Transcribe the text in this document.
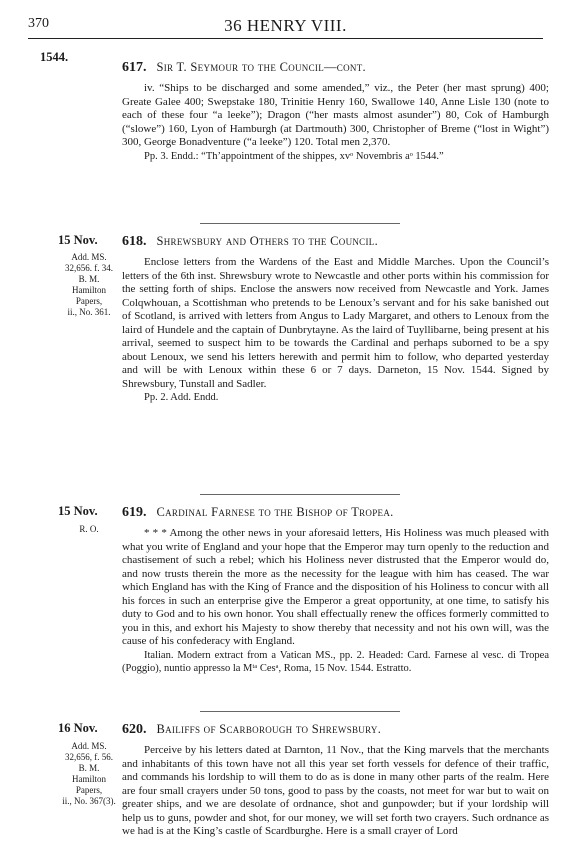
370	36 HENRY VIII.
1544.
617. Sir T. Seymour to the Council—cont.

iv. “Ships to be discharged and some amended,” viz., the Peter (her mast sprung) 400; Greate Galee 400; Swepstake 180, Trinitie Henry 160, Swallowe 140, Anne Lisle 130 (note to each of these four “a leeke”); Dragon (“her masts almost asunder”) 80, Cok of Hamburgh (“slowe”) 160, Lyon of Hamburgh (at Dartmouth) 300, Christopher of Breme (“lost in Wight”) 300, George Bonadventure (“a leeke”) 120. Total men 2,370.

Pp. 3. Endd.: “Th’appointment of the shippes, xvᵒ Novembris aᵒ 1544.”

15 Nov.
Add. MS.
32,656. f. 34.
B. M.
Hamilton
Papers,
ii., No. 361.
618. Shrewsbury and Others to the Council.

Enclose letters from the Wardens of the East and Middle Marches. Upon the Council’s letters of the 6th inst. Shrewsbury wrote to Newcastle and other ports within his commission for the setting forth of ships. Enclose the answers now received from Newcastle and York. James Colqwhouan, a Scottishman who pretends to be Lenoux’s servant and for his sake banished out of Scotland, is arrived with letters from Angus to Lady Margaret, and others to Lenoux from the laird of Hundele and the captain of Dunbrytayne. As the laird of Tuyllibarne, being present at his arrival, seemed to suspect him to be towards the Cardinal and perhaps suborned to be a spy about Lenoux, we send his letters herewith and permit him to follow, who departed yesterday and will be with Lenoux within these 6 or 7 days. Darneton, 15 Nov. 1544. Signed by Shrewsbury, Tunstall and Sadler.

Pp. 2. Add. Endd.

15 Nov.
R. O.
619. Cardinal Farnese to the Bishop of Tropea.

* * * Among the other news in your aforesaid letters, His Holiness was much pleased with what you write of England and your hope that the Emperor may turn openly to the reduction and chastisement of such a rebel; which his Holiness never distrusted that the Emperor would do, and now trusts therein the more as the necessity for the league with him has ceased. The war which England has with the King of France and the disposition of his Holiness to concur with all his forces in such an enterprise give the Emperor a great opportunity, at one time, to satisfy his duty to God and to his own honor. You shall effectually renew the offices formerly committed to you in this, and exhort his Majesty to show thereby that necessity and not his own will, was the cause of his confederacy with England.

Italian. Modern extract from a Vatican MS., pp. 2. Headed: Card. Farnese al vesc. di Tropea (Poggio), nuntio appresso la Mᵗᵃ Cesᵃ, Roma, 15 Nov. 1544. Estratto.

16 Nov.
Add. MS.
32,656, f. 56.
B. M.
Hamilton
Papers,
ii., No. 367(3).
620. Bailiffs of Scarborough to Shrewsbury.

Perceive by his letters dated at Darnton, 11 Nov., that the King marvels that the merchants and inhabitants of this town have not all this year set forth vessels for defence of their traffic, and commands his lordship to will them to do as is done in many other parts of the realm. Here are four small crayers under 50 tons, good to pass by the coasts, not meet for war but to wait on greater ships, and we are desolate of ordnance, shot and gunpowder; but if your lordship will help us to guns, powder and shot, for our money, we will set forth two crayers. Such ordnance as we had is at the King’s castle of Scardburghe. Here is a small crayer of Lord
